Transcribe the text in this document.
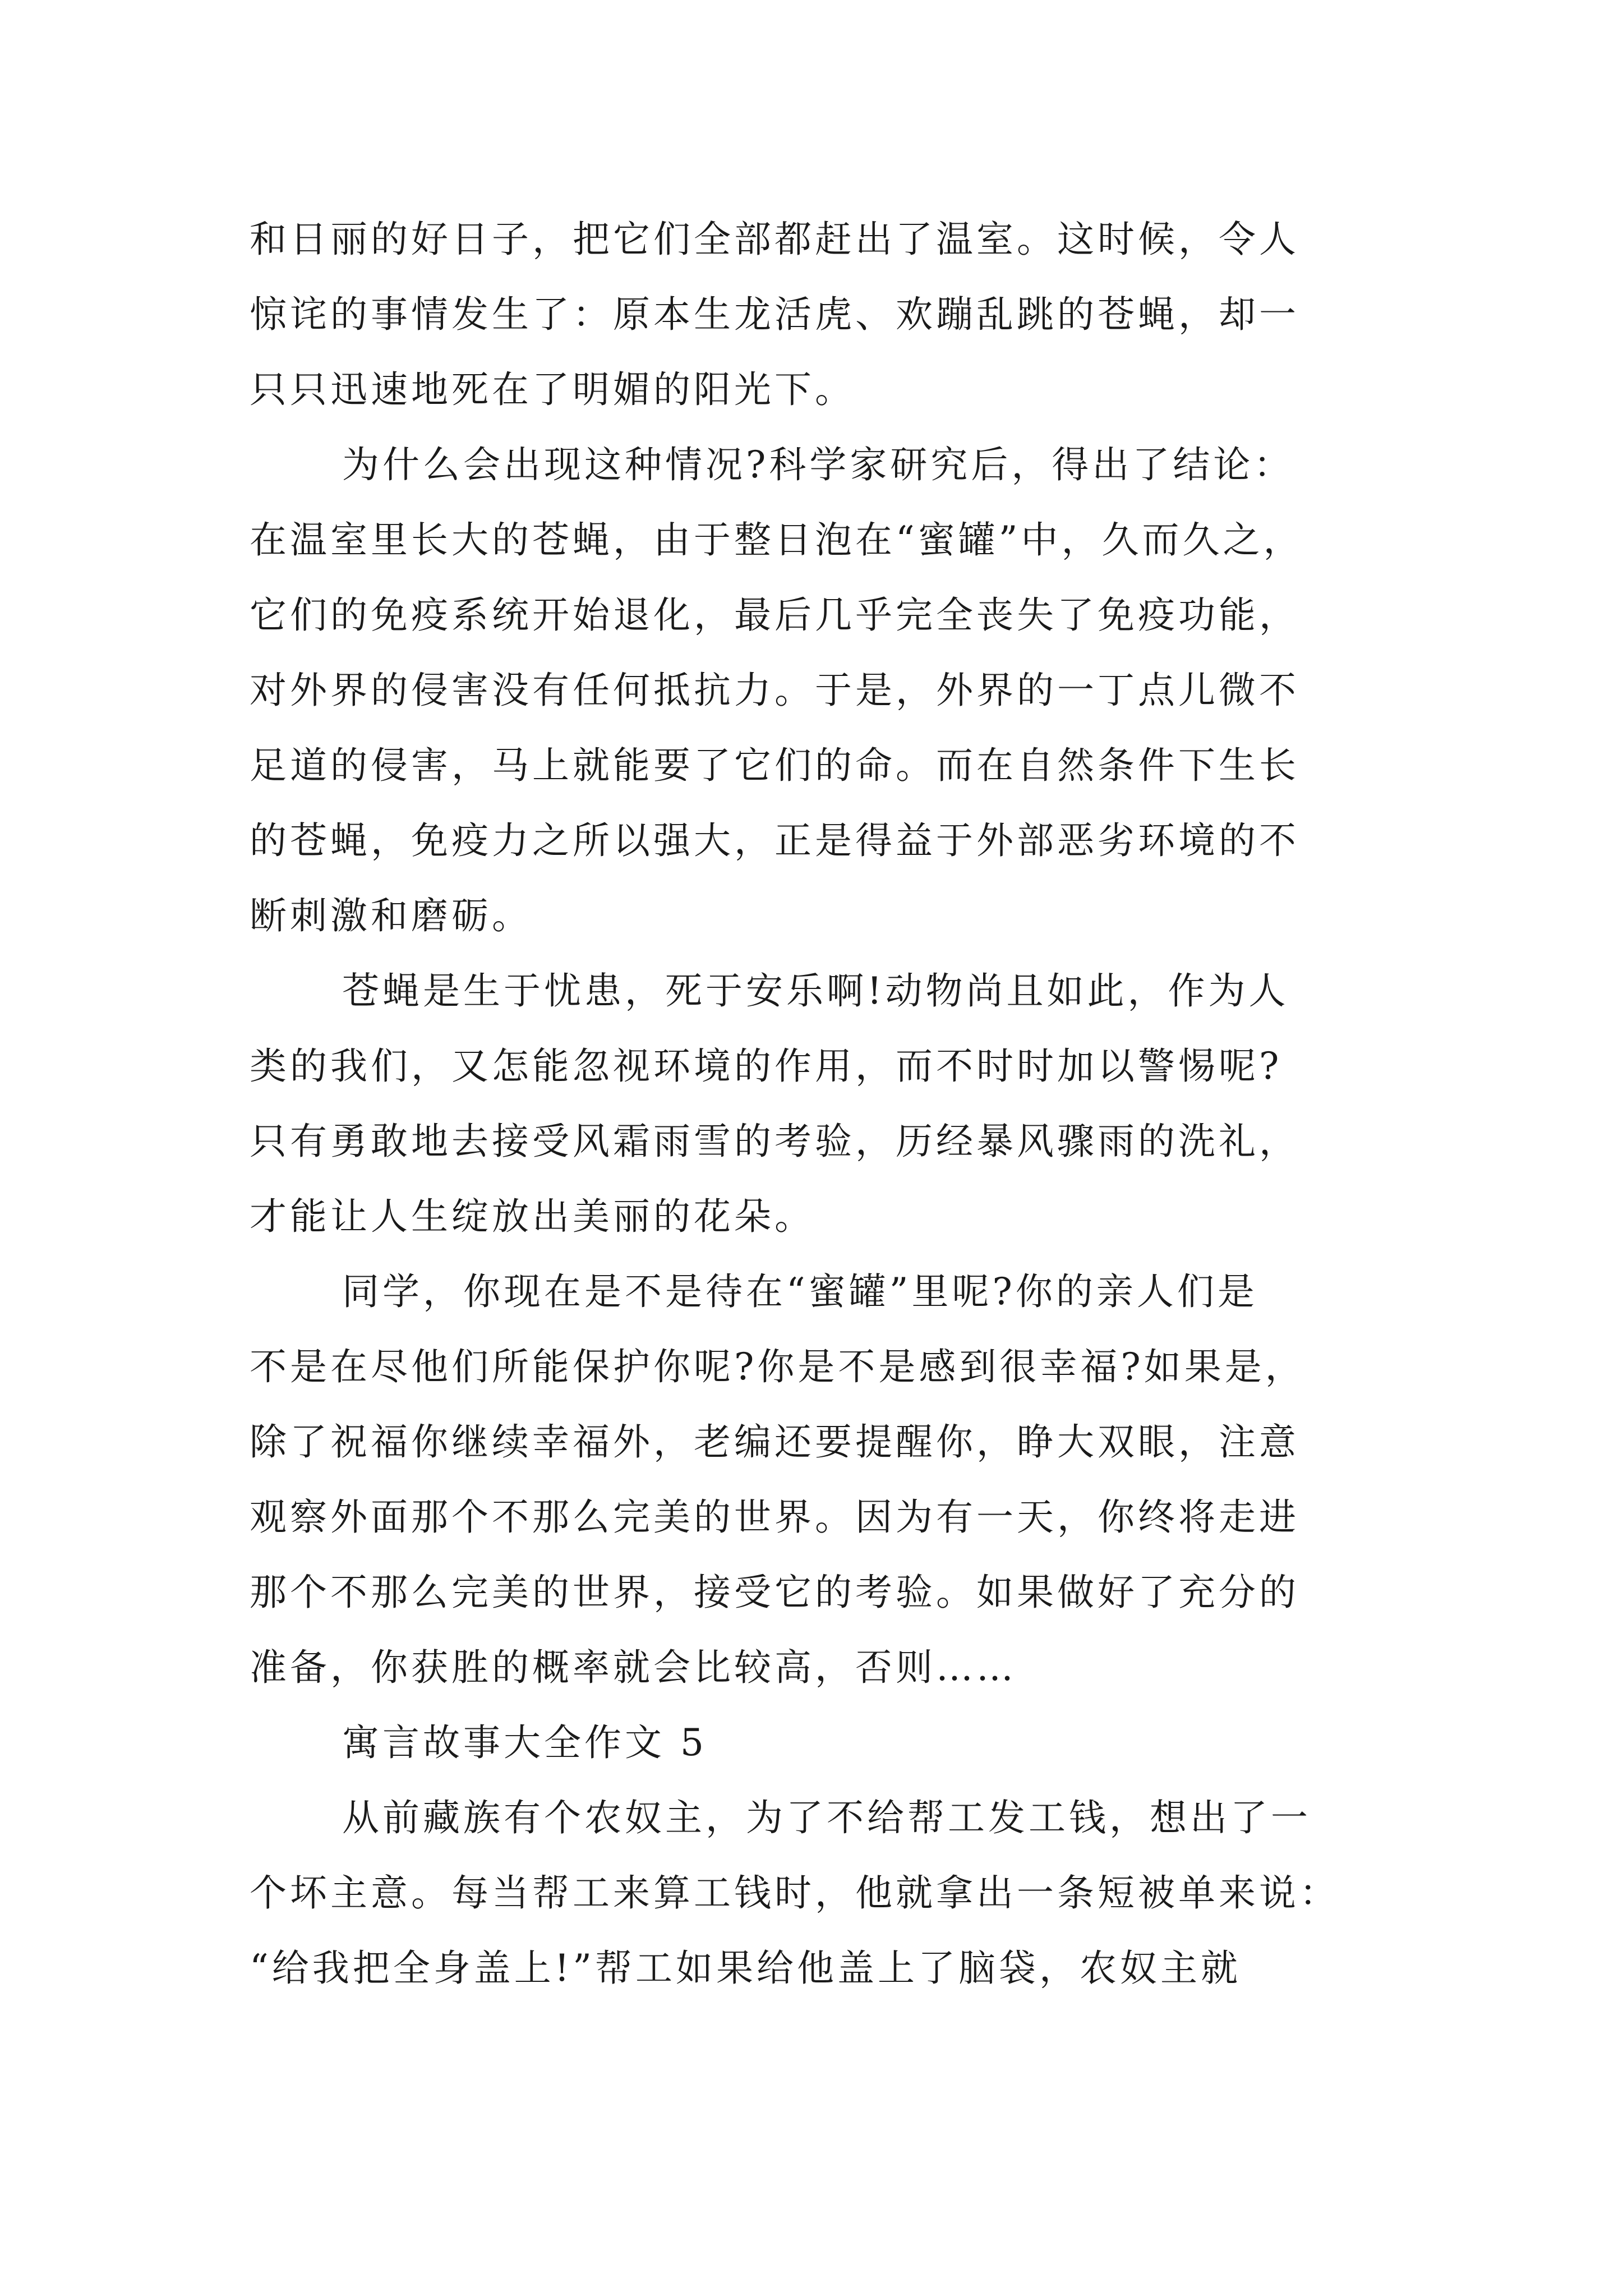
和日丽的好日子，把它们全部都赶出了温室。这时候，令人
惊诧的事情发生了：原本生龙活虎、欢蹦乱跳的苍蝇，却一
只只迅速地死在了明媚的阳光下。
为什么会出现这种情况?科学家研究后，得出了结论：
在温室里长大的苍蝇，由于整日泡在“蜜罐”中，久而久之，
它们的免疫系统开始退化，最后几乎完全丧失了免疫功能，
对外界的侵害没有任何抵抗力。于是，外界的一丁点儿微不
足道的侵害，马上就能要了它们的命。而在自然条件下生长
的苍蝇，免疫力之所以强大，正是得益于外部恶劣环境的不
断刺激和磨砺。
苍蝇是生于忧患，死于安乐啊!动物尚且如此，作为人
类的我们，又怎能忽视环境的作用，而不时时加以警惕呢?
只有勇敢地去接受风霜雨雪的考验，历经暴风骤雨的洗礼，
才能让人生绽放出美丽的花朵。
同学，你现在是不是待在“蜜罐”里呢?你的亲人们是
不是在尽他们所能保护你呢?你是不是感到很幸福?如果是，
除了祝福你继续幸福外，老编还要提醒你，睁大双眼，注意
观察外面那个不那么完美的世界。因为有一天，你终将走进
那个不那么完美的世界，接受它的考验。如果做好了充分的
准备，你获胜的概率就会比较高，否则……
寓言故事大全作文 5
从前藏族有个农奴主，为了不给帮工发工钱，想出了一
个坏主意。每当帮工来算工钱时，他就拿出一条短被单来说：
“给我把全身盖上!”帮工如果给他盖上了脑袋，农奴主就
